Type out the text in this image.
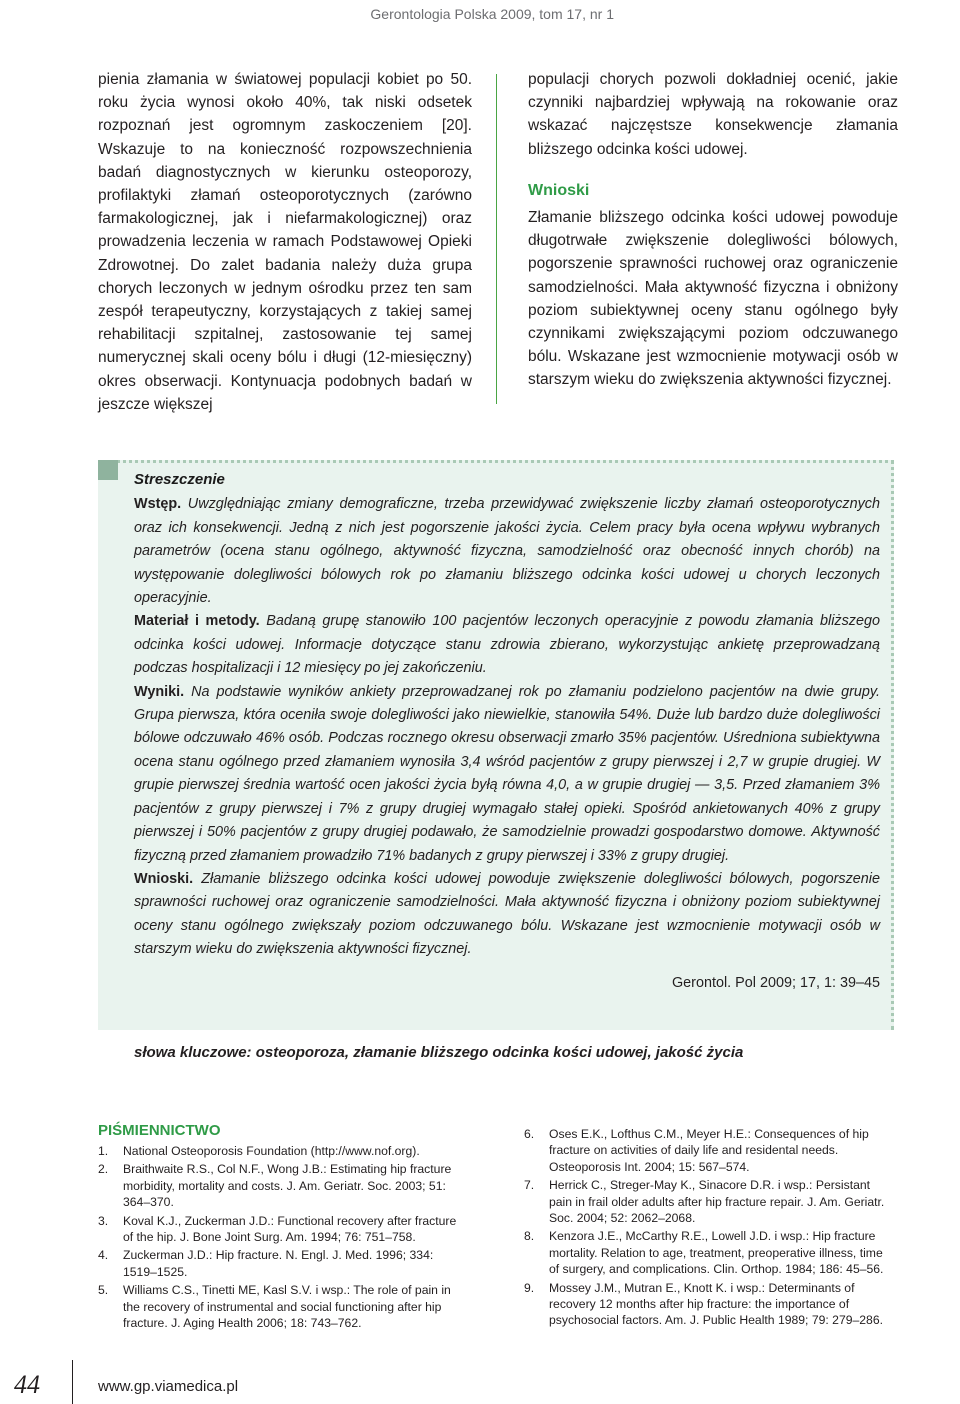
Gerontologia Polska 2009, tom 17, nr 1

pienia złamania w światowej populacji kobiet po 50. roku życia wynosi około 40%, tak niski odsetek rozpoznań jest ogromnym zaskoczeniem [20]. Wskazuje to na konieczność rozpowszechnienia badań diagnostycznych w kierunku osteoporozy, profilaktyki złamań osteoporotycznych (zarówno farmakologicznej, jak i niefarmakologicznej) oraz prowadzenia leczenia w ramach Podstawowej Opieki Zdrowotnej. Do zalet badania należy duża grupa chorych leczonych w jednym ośrodku przez ten sam zespół terapeutyczny, korzystających z takiej samej rehabilitacji szpitalnej, zastosowanie tej samej numerycznej skali oceny bólu i długi (12-miesięczny) okres obserwacji. Kontynuacja podobnych badań w jeszcze większej

populacji chorych pozwoli dokładniej ocenić, jakie czynniki najbardziej wpływają na rokowanie oraz wskazać najczęstsze konsekwencje złamania bliższego odcinka kości udowej.

Wnioski

Złamanie bliższego odcinka kości udowej powoduje długotrwałe zwiększenie dolegliwości bólowych, pogorszenie sprawności ruchowej oraz ograniczenie samodzielności. Mała aktywność fizyczna i obniżony poziom subiektywnej oceny stanu ogólnego były czynnikami zwiększającymi poziom odczuwanego bólu. Wskazane jest wzmocnienie motywacji osób w starszym wieku do zwiększenia aktywności fizycznej.

Streszczenie

Wstęp. Uwzględniając zmiany demograficzne, trzeba przewidywać zwiększenie liczby złamań osteoporotycznych oraz ich konsekwencji. Jedną z nich jest pogorszenie jakości życia. Celem pracy była ocena wpływu wybranych parametrów (ocena stanu ogólnego, aktywność fizyczna, samodzielność oraz obecność innych chorób) na występowanie dolegliwości bólowych rok po złamaniu bliższego odcinka kości udowej u chorych leczonych operacyjnie.

Materiał i metody. Badaną grupę stanowiło 100 pacjentów leczonych operacyjnie z powodu złamania bliższego odcinka kości udowej. Informacje dotyczące stanu zdrowia zbierano, wykorzystując ankietę przeprowadzaną podczas hospitalizacji i 12 miesięcy po jej zakończeniu.

Wyniki. Na podstawie wyników ankiety przeprowadzanej rok po złamaniu podzielono pacjentów na dwie grupy. Grupa pierwsza, która oceniła swoje dolegliwości jako niewielkie, stanowiła 54%. Duże lub bardzo duże dolegliwości bólowe odczuwało 46% osób. Podczas rocznego okresu obserwacji zmarło 35% pacjentów. Uśredniona subiektywna ocena stanu ogólnego przed złamaniem wynosiła 3,4 wśród pacjentów z grupy pierwszej i 2,7 w grupie drugiej. W grupie pierwszej średnia wartość ocen jakości życia byłą równa 4,0, a w grupie drugiej — 3,5. Przed złamaniem 3% pacjentów z grupy pierwszej i 7% z grupy drugiej wymagało stałej opieki. Spośród ankietowanych 40% z grupy pierwszej i 50% pacjentów z grupy drugiej podawało, że samodzielnie prowadzi gospodarstwo domowe. Aktywność fizyczną przed złamaniem prowadziło 71% badanych z grupy pierwszej i 33% z grupy drugiej.

Wnioski. Złamanie bliższego odcinka kości udowej powoduje zwiększenie dolegliwości bólowych, pogorszenie sprawności ruchowej oraz ograniczenie samodzielności. Mała aktywność fizyczna i obniżony poziom subiektywnej oceny stanu ogólnego zwiększały poziom odczuwanego bólu. Wskazane jest wzmocnienie motywacji osób w starszym wieku do zwiększenia aktywności fizycznej.

Gerontol. Pol 2009; 17, 1: 39–45
słowa kluczowe: osteoporoza, złamanie bliższego odcinka kości udowej, jakość życia
PIŚMIENNICTWO
1. National Osteoporosis Foundation (http://www.nof.org).
2. Braithwaite R.S., Col N.F., Wong J.B.: Estimating hip fracture morbidity, mortality and costs. J. Am. Geriatr. Soc. 2003; 51: 364–370.
3. Koval K.J., Zuckerman J.D.: Functional recovery after fracture of the hip. J. Bone Joint Surg. Am. 1994; 76: 751–758.
4. Zuckerman J.D.: Hip fracture. N. Engl. J. Med. 1996; 334: 1519–1525.
5. Williams C.S., Tinetti ME, Kasl S.V. i wsp.: The role of pain in the recovery of instrumental and social functioning after hip fracture. J. Aging Health 2006; 18: 743–762.
6. Oses E.K., Lofthus C.M., Meyer H.E.: Consequences of hip fracture on activities of daily life and residental needs. Osteoporosis Int. 2004; 15: 567–574.
7. Herrick C., Streger-May K., Sinacore D.R. i wsp.: Persistant pain in frail older adults after hip fracture repair. J. Am. Geriatr. Soc. 2004; 52: 2062–2068.
8. Kenzora J.E., McCarthy R.E., Lowell J.D. i wsp.: Hip fracture mortality. Relation to age, treatment, preoperative illness, time of surgery, and complications. Clin. Orthop. 1984; 186: 45–56.
9. Mossey J.M., Mutran E., Knott K. i wsp.: Determinants of recovery 12 months after hip fracture: the importance of psychosocial factors. Am. J. Public Health 1989; 79: 279–286.
44	www.gp.viamedica.pl
